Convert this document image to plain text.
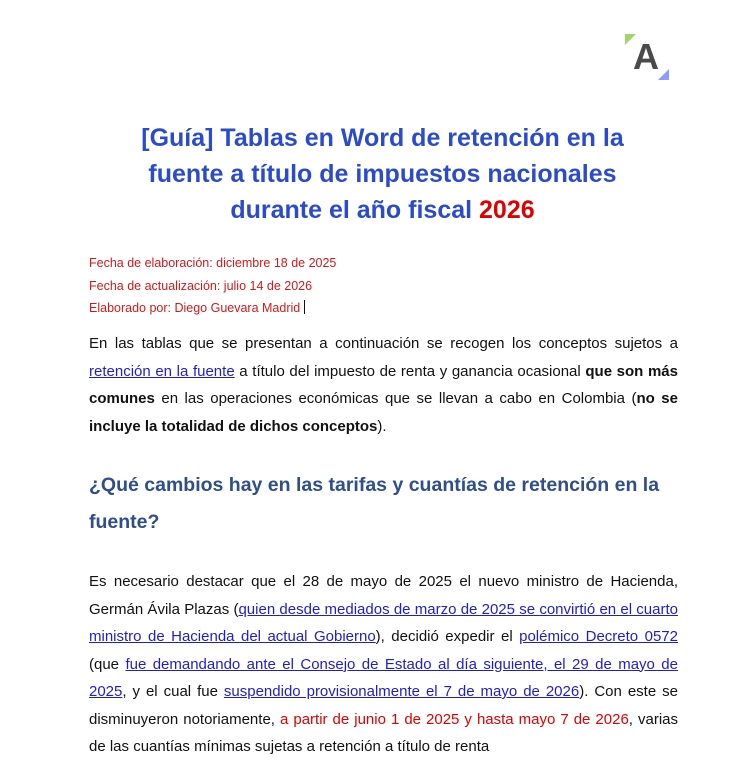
A
[Guía] Tablas en Word de retención en la
fuente a título de impuestos nacionales
durante el año fiscal 2026
Fecha de elaboración: diciembre 18 de 2025
Fecha de actualización: julio 14 de 2026
Elaborado por: Diego Guevara Madrid
En las tablas que se presentan a continuación se recogen los conceptos sujetos a retención en la fuente a título del impuesto de renta y ganancia ocasional que son más comunes en las operaciones económicas que se llevan a cabo en Colombia (no se incluye la totalidad de dichos conceptos).
¿Qué cambios hay en las tarifas y cuantías de retención en la fuente?
Es necesario destacar que el 28 de mayo de 2025 el nuevo ministro de Hacienda, Germán Ávila Plazas (quien desde mediados de marzo de 2025 se convirtió en el cuarto ministro de Hacienda del actual Gobierno), decidió expedir el polémico Decreto 0572 (que fue demandando ante el Consejo de Estado al día siguiente, el 29 de mayo de 2025, y el cual fue suspendido provisionalmente el 7 de mayo de 2026). Con este se disminuyeron notoriamente, a partir de junio 1 de 2025 y hasta mayo 7 de 2026, varias de las cuantías mínimas sujetas a retención a título de renta
